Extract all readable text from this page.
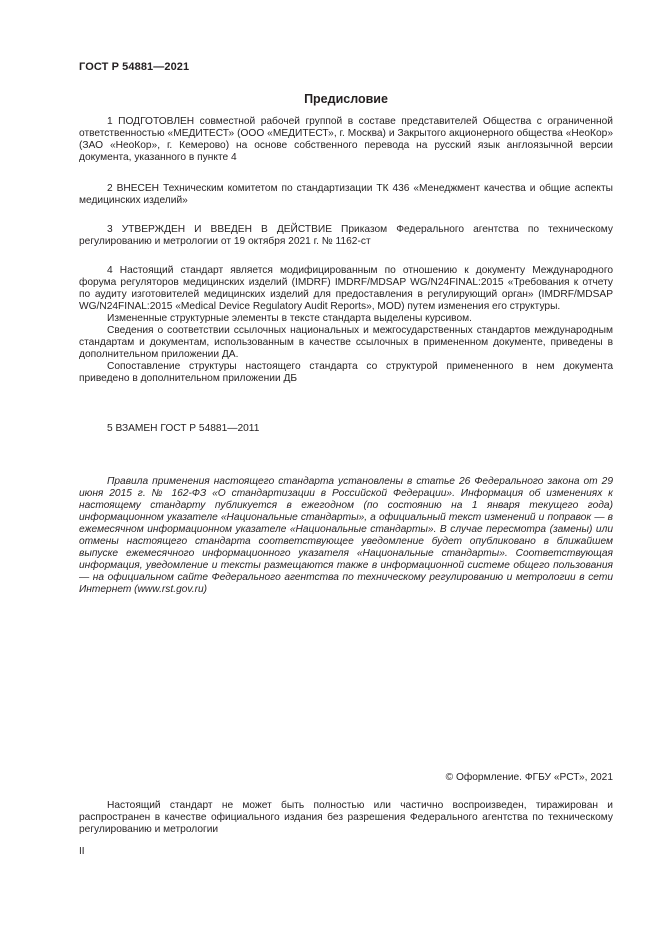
ГОСТ Р 54881—2021
Предисловие

1 ПОДГОТОВЛЕН совместной рабочей группой в составе представителей Общества с ограниченной ответственностью «МЕДИТЕСТ» (ООО «МЕДИТЕСТ», г. Москва) и Закрытого акционерного общества «НеоКор» (ЗАО «НеоКор», г. Кемерово) на основе собственного перевода на русский язык англоязычной версии документа, указанного в пункте 4

2 ВНЕСЕН Техническим комитетом по стандартизации ТК 436 «Менеджмент качества и общие аспекты медицинских изделий»

3 УТВЕРЖДЕН И ВВЕДЕН В ДЕЙСТВИЕ Приказом Федерального агентства по техническому регулированию и метрологии от 19 октября 2021 г. № 1162-ст

4 Настоящий стандарт является модифицированным по отношению к документу Международного форума регуляторов медицинских изделий (IMDRF) IMDRF/MDSAP WG/N24FINAL:2015 «Требования к отчету по аудиту изготовителей медицинских изделий для предоставления в регулирующий орган» (IMDRF/MDSAP WG/N24FINAL:2015 «Medical Device Regulatory Audit Reports», MOD) путем изменения его структуры.

Измененные структурные элементы в тексте стандарта выделены курсивом.

Сведения о соответствии ссылочных национальных и межгосударственных стандартов международным стандартам и документам, использованным в качестве ссылочных в примененном документе, приведены в дополнительном приложении ДА.

Сопоставление структуры настоящего стандарта со структурой примененного в нем документа приведено в дополнительном приложении ДБ

5 ВЗАМЕН ГОСТ Р 54881—2011

Правила применения настоящего стандарта установлены в статье 26 Федерального закона от 29 июня 2015 г. № 162-ФЗ «О стандартизации в Российской Федерации». Информация об изменениях к настоящему стандарту публикуется в ежегодном (по состоянию на 1 января текущего года) информационном указателе «Национальные стандарты», а официальный текст изменений и поправок — в ежемесячном информационном указателе «Национальные стандарты». В случае пересмотра (замены) или отмены настоящего стандарта соответствующее уведомление будет опубликовано в ближайшем выпуске ежемесячного информационного указателя «Национальные стандарты». Соответствующая информация, уведомление и тексты размещаются также в информационной системе общего пользования — на официальном сайте Федерального агентства по техническому регулированию и метрологии в сети Интернет (www.rst.gov.ru)

© Оформление. ФГБУ «РСТ», 2021

Настоящий стандарт не может быть полностью или частично воспроизведен, тиражирован и распространен в качестве официального издания без разрешения Федерального агентства по техническому регулированию и метрологии

II
